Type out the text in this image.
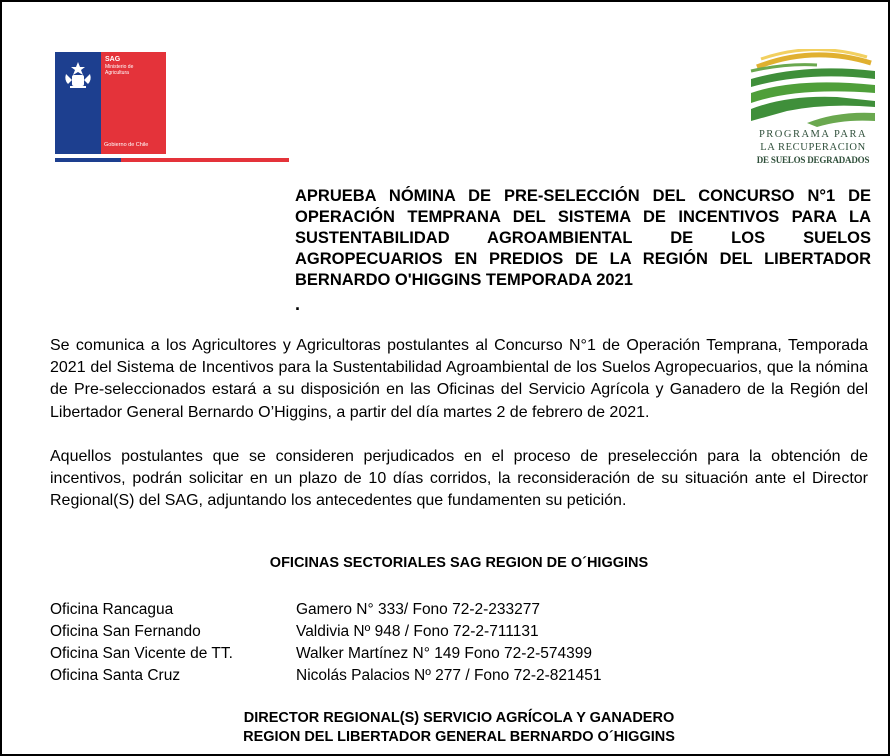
SAG
Ministerio de Agricultura
Gobierno de Chile
PROGRAMA PARA
LA RECUPERACION
DE SUELOS DEGRADADOS
APRUEBA NÓMINA DE PRE-SELECCIÓN DEL CONCURSO N°1 DE OPERACIÓN TEMPRANA DEL SISTEMA DE INCENTIVOS PARA LA SUSTENTABILIDAD AGROAMBIENTAL DE LOS SUELOS AGROPECUARIOS EN PREDIOS DE LA REGIÓN DEL LIBERTADOR BERNARDO O'HIGGINS TEMPORADA 2021
.

Se comunica a los Agricultores y Agricultoras postulantes al Concurso N°1 de Operación Temprana, Temporada 2021 del Sistema de Incentivos para la Sustentabilidad Agroambiental de los Suelos Agropecuarios, que la nómina de Pre-seleccionados estará a su disposición en las Oficinas del Servicio Agrícola y Ganadero de la Región del Libertador General Bernardo O’Higgins, a partir del día martes 2 de febrero de 2021.

Aquellos postulantes que se consideren perjudicados en el proceso de preselección para la obtención de incentivos, podrán solicitar en un plazo de 10 días corridos, la reconsideración de su situación ante el Director Regional(S) del SAG, adjuntando los antecedentes que fundamenten su petición.

OFICINAS SECTORIALES SAG REGION DE O´HIGGINS
Oficina Rancagua	Gamero N° 333/ Fono 72-2-233277
Oficina San Fernando	Valdivia Nº 948 / Fono 72-2-711131
Oficina San Vicente de TT.	Walker Martínez N° 149 Fono 72-2-574399
Oficina Santa Cruz	Nicolás Palacios Nº 277 / Fono 72-2-821451
DIRECTOR REGIONAL(S) SERVICIO AGRÍCOLA Y GANADERO
REGION DEL LIBERTADOR GENERAL BERNARDO O´HIGGINS
